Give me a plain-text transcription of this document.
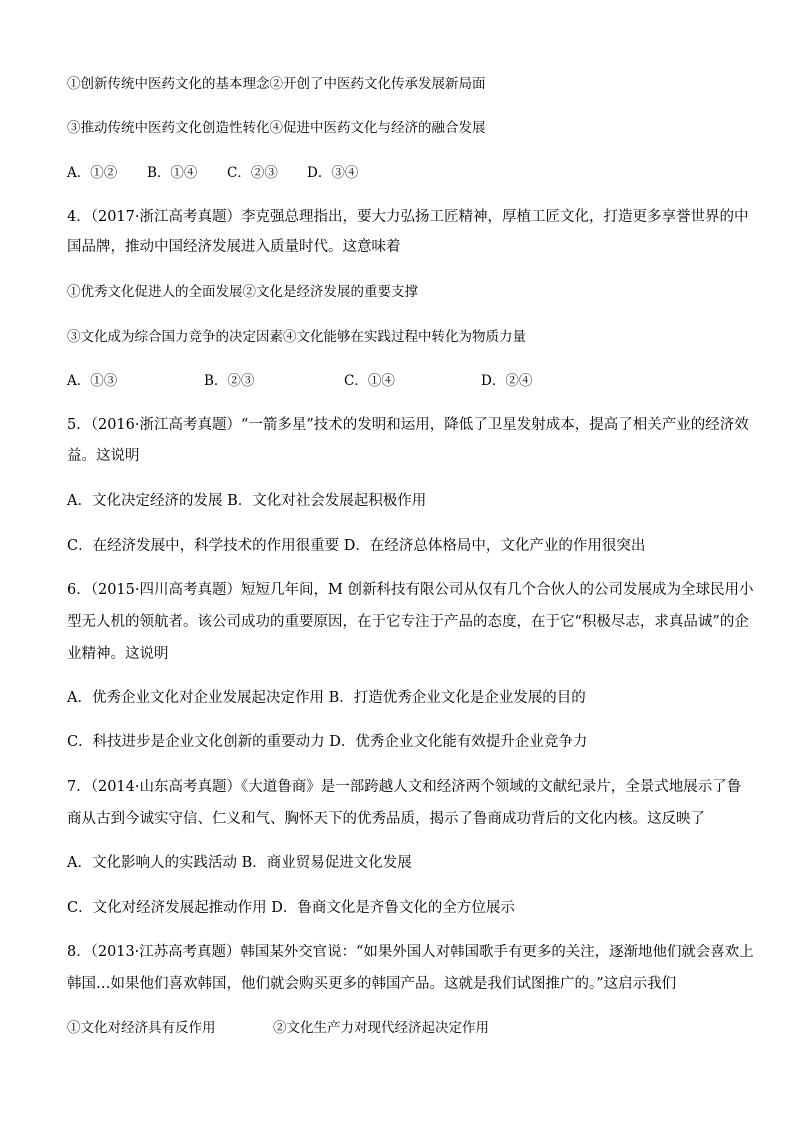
①创新传统中医药文化的基本理念②开创了中医药文化传承发展新局面
③推动传统中医药文化创造性转化④促进中医药文化与经济的融合发展
A．①② B．①④ C．②③ D．③④
4．（2017·浙江高考真题）李克强总理指出，要大力弘扬工匠精神，厚植工匠文化，打造更多享誉世界的中
国品牌，推动中国经济发展进入质量时代。这意味着
①优秀文化促进人的全面发展②文化是经济发展的重要支撑
③文化成为综合国力竞争的决定因素④文化能够在实践过程中转化为物质力量
A．①③	B．②③	C．①④	D．②④
5．（2016·浙江高考真题）“一箭多星”技术的发明和运用，降低了卫星发射成本，提高了相关产业的经济效
益。这说明
A．文化决定经济的发展 B．文化对社会发展起积极作用
C．在经济发展中，科学技术的作用很重要 D．在经济总体格局中，文化产业的作用很突出
6．（2015·四川高考真题）短短几年间，M 创新科技有限公司从仅有几个合伙人的公司发展成为全球民用小
型无人机的领航者。该公司成功的重要原因，在于它专注于产品的态度，在于它“积极尽志，求真品诚”的企
业精神。这说明
A．优秀企业文化对企业发展起决定作用 B．打造优秀企业文化是企业发展的目的
C．科技进步是企业文化创新的重要动力 D．优秀企业文化能有效提升企业竞争力
7．（2014·山东高考真题）《大道鲁商》是一部跨越人文和经济两个领域的文献纪录片，全景式地展示了鲁
商从古到今诚实守信、仁义和气、胸怀天下的优秀品质，揭示了鲁商成功背后的文化内核。这反映了
A．文化影响人的实践活动 B．商业贸易促进文化发展
C．文化对经济发展起推动作用 D．鲁商文化是齐鲁文化的全方位展示
8．（2013·江苏高考真题）韩国某外交官说：“如果外国人对韩国歌手有更多的关注，逐渐地他们就会喜欢上
韩国…如果他们喜欢韩国，他们就会购买更多的韩国产品。这就是我们试图推广的。”这启示我们
①文化对经济具有反作用	②文化生产力对现代经济起决定作用
